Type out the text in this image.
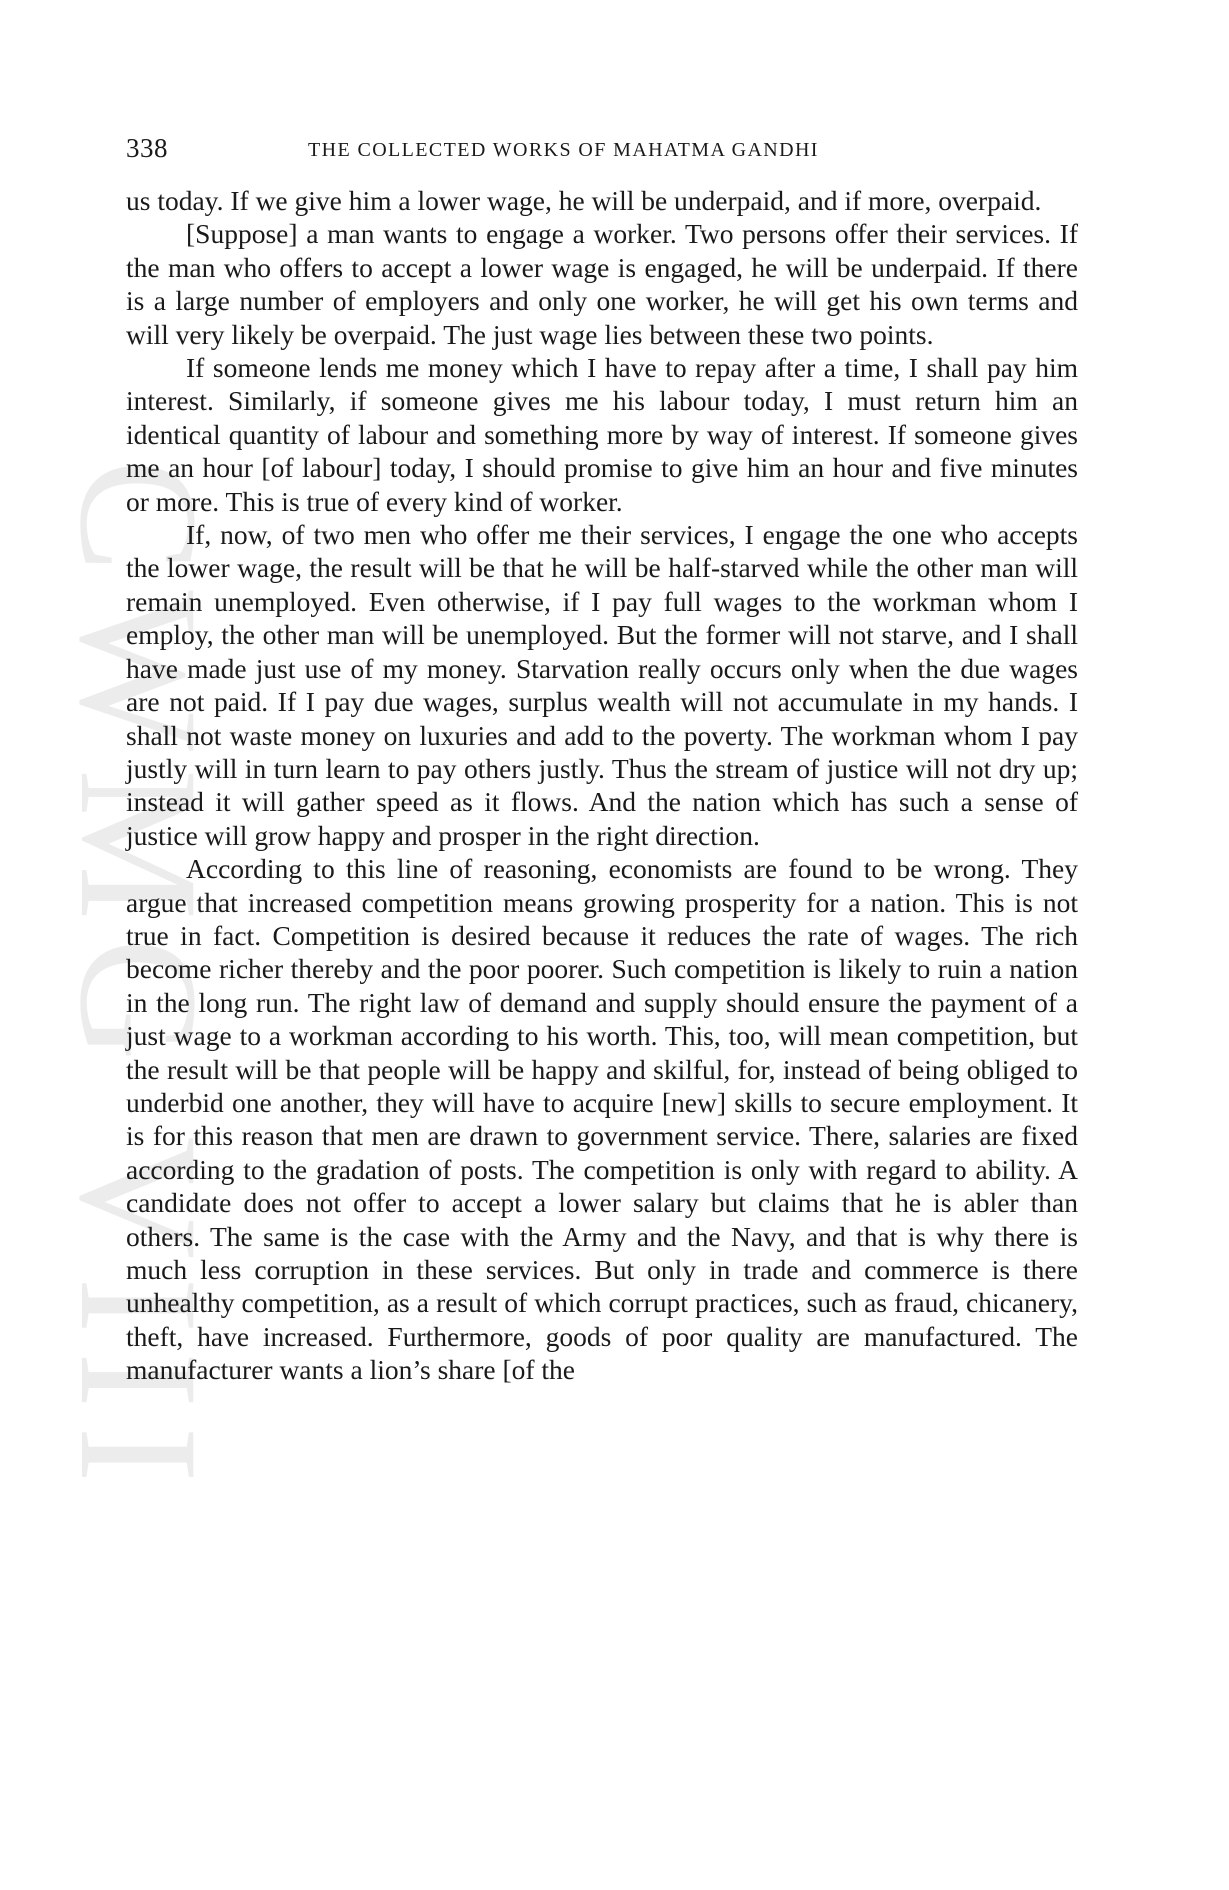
CWMG VIII
338	THE COLLECTED WORKS OF MAHATMA GANDHI

us today. If we give him a lower wage, he will be underpaid, and if more, overpaid.

[Suppose] a man wants to engage a worker. Two persons offer their services. If the man who offers to accept a lower wage is engaged, he will be underpaid. If there is a large number of employers and only one worker, he will get his own terms and will very likely be overpaid. The just wage lies between these two points.

If someone lends me money which I have to repay after a time, I shall pay him interest. Similarly, if someone gives me his labour today, I must return him an identical quantity of labour and something more by way of interest. If someone gives me an hour [of labour] today, I should promise to give him an hour and five minutes or more. This is true of every kind of worker.

If, now, of two men who offer me their services, I engage the one who accepts the lower wage, the result will be that he will be half-starved while the other man will remain unemployed. Even otherwise, if I pay full wages to the workman whom I employ, the other man will be unemployed. But the former will not starve, and I shall have made just use of my money. Starvation really occurs only when the due wages are not paid. If I pay due wages, surplus wealth will not accumulate in my hands. I shall not waste money on luxuries and add to the poverty. The workman whom I pay justly will in turn learn to pay others justly. Thus the stream of justice will not dry up; instead it will gather speed as it flows. And the nation which has such a sense of justice will grow happy and prosper in the right direction.

According to this line of reasoning, economists are found to be wrong. They argue that increased competition means growing prosperity for a nation. This is not true in fact. Competition is desired because it reduces the rate of wages. The rich become richer thereby and the poor poorer. Such competition is likely to ruin a nation in the long run. The right law of demand and supply should ensure the payment of a just wage to a workman according to his worth. This, too, will mean competition, but the result will be that people will be happy and skilful, for, instead of being obliged to underbid one another, they will have to acquire [new] skills to secure employment. It is for this reason that men are drawn to government service. There, salaries are fixed according to the gradation of posts. The competition is only with regard to ability. A candidate does not offer to accept a lower salary but claims that he is abler than others. The same is the case with the Army and the Navy, and that is why there is much less corruption in these services. But only in trade and commerce is there unhealthy competition, as a result of which corrupt practices, such as fraud, chicanery, theft, have increased. Furthermore, goods of poor quality are manufactured. The manufacturer wants a lion’s share [of the
